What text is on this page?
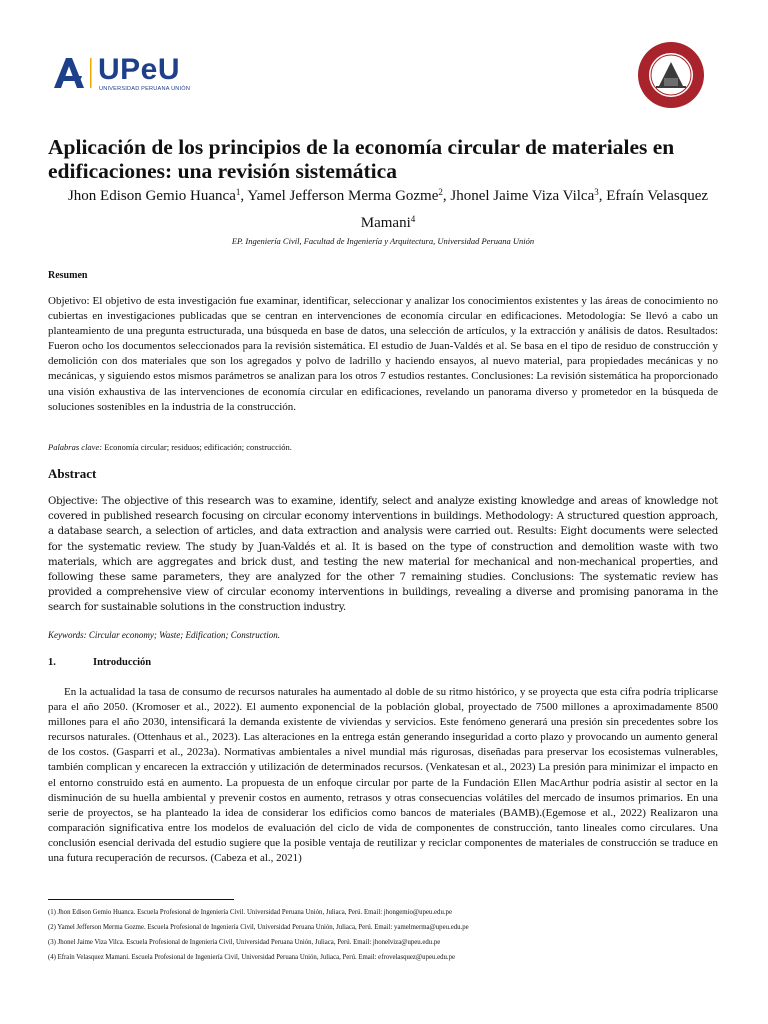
UPeU
UNIVERSIDAD PERUANA UNIÓN
Aplicación de los principios de la economía circular de materiales en edificaciones: una revisión sistemática

Jhon Edison Gemio Huanca$^1$, Yamel Jefferson Merma Gozme$^2$, Jhonel Jaime Viza Vilca$^3$, Efraín Velasquez Mamani$^4$

EP. Ingeniería Civil, Facultad de Ingeniería y Arquitectura, Universidad Peruana Unión

Resumen

Objetivo: El objetivo de esta investigación fue examinar, identificar, seleccionar y analizar los conocimientos existentes y las áreas de conocimiento no cubiertas en investigaciones publicadas que se centran en intervenciones de economía circular en edificaciones. Metodología: Se llevó a cabo un planteamiento de una pregunta estructurada, una búsqueda en base de datos, una selección de artículos, y la extracción y análisis de datos. Resultados: Fueron ocho los documentos seleccionados para la revisión sistemática. El estudio de Juan-Valdés et al. Se basa en el tipo de residuo de construcción y demolición con dos materiales que son los agregados y polvo de ladrillo y haciendo ensayos, al nuevo material, para propiedades mecánicas y no mecánicas, y siguiendo estos mismos parámetros se analizan para los otros 7 estudios restantes. Conclusiones: La revisión sistemática ha proporcionado una visión exhaustiva de las intervenciones de economía circular en edificaciones, revelando un panorama diverso y prometedor en la búsqueda de soluciones sostenibles en la industria de la construcción.

Palabras clave: Economía circular; residuos; edificación; construcción.

Abstract

Objective: The objective of this research was to examine, identify, select and analyze existing knowledge and areas of knowledge not covered in published research focusing on circular economy interventions in buildings. Methodology: A structured question approach, a database search, a selection of articles, and data extraction and analysis were carried out. Results: Eight documents were selected for the systematic review. The study by Juan-Valdés et al. It is based on the type of construction and demolition waste with two materials, which are aggregates and brick dust, and testing the new material for mechanical and non-mechanical properties, and following these same parameters, they are analyzed for the other 7 remaining studies. Conclusions: The systematic review has provided a comprehensive view of circular economy interventions in buildings, revealing a diverse and promising panorama in the search for sustainable solutions in the construction industry.

Keywords: Circular economy; Waste; Edification; Construction.

1.	Introducción

En la actualidad la tasa de consumo de recursos naturales ha aumentado al doble de su ritmo histórico, y se proyecta que esta cifra podría triplicarse para el año 2050. (Kromoser et al., 2022). El aumento exponencial de la población global, proyectado de 7500 millones a aproximadamente 8500 millones para el año 2030, intensificará la demanda existente de viviendas y servicios. Este fenómeno generará una presión sin precedentes sobre los recursos naturales. (Ottenhaus et al., 2023). Las alteraciones en la entrega están generando inseguridad a corto plazo y provocando un aumento general de los costos. (Gasparri et al., 2023a). Normativas ambientales a nivel mundial más rigurosas, diseñadas para preservar los ecosistemas vulnerables, también complican y encarecen la extracción y utilización de determinados recursos. (Venkatesan et al., 2023) La presión para minimizar el impacto en el entorno construido está en aumento. La propuesta de un enfoque circular por parte de la Fundación Ellen MacArthur podría asistir al sector en la disminución de su huella ambiental y prevenir costos en aumento, retrasos y otras consecuencias volátiles del mercado de insumos primarios. En una serie de proyectos, se ha planteado la idea de considerar los edificios como bancos de materiales (BAMB).(Egemose et al., 2022) Realizaron una comparación significativa entre los modelos de evaluación del ciclo de vida de componentes de construcción, tanto lineales como circulares. Una conclusión esencial derivada del estudio sugiere que la posible ventaja de reutilizar y reciclar componentes de materiales de construcción se traduce en una futura recuperación de recursos. (Cabeza et al., 2021)

(1) Jhon Edison Gemio Huanca. Escuela Profesional de Ingeniería Civil. Universidad Peruana Unión, Juliaca, Perú. Email: jhongemio@upeu.edu.pe
(2) Yamel Jefferson Merma Gozme. Escuela Profesional de Ingeniería Civil, Universidad Peruana Unión, Juliaca, Perú. Email: yamelmerma@upeu.edu.pe
(3) Jhonel Jaime Viza Vilca. Escuela Profesional de Ingeniería Civil, Universidad Peruana Unión, Juliaca, Perú. Email: jhonelviza@upeu.edu.pe
(4) Efraín Velasquez Mamani. Escuela Profesional de Ingeniería Civil, Universidad Peruana Unión, Juliaca, Perú. Email: efrovelasquez@upeu.edu.pe
